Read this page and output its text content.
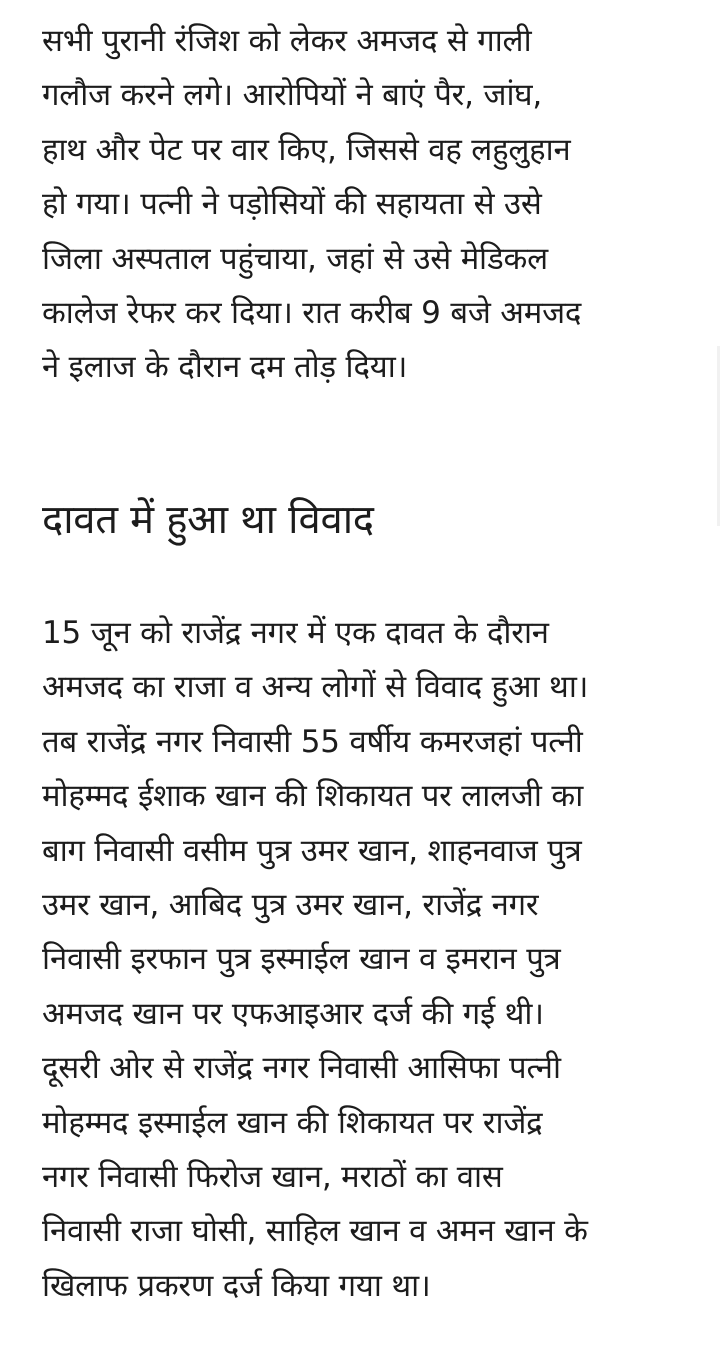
सभी पुरानी रंजिश को लेकर अमजद से गाली
गलौज करने लगे। आरोपियों ने बाएं पैर, जांघ,
हाथ और पेट पर वार किए, जिससे वह लहुलुहान
हो गया। पत्नी ने पड़ोसियों की सहायता से उसे
जिला अस्पताल पहुंचाया, जहां से उसे मेडिकल
कालेज रेफर कर दिया। रात करीब 9 बजे अमजद
ने इलाज के दौरान दम तोड़ दिया।

दावत में हुआ था विवाद

15 जून को राजेंद्र नगर में एक दावत के दौरान
अमजद का राजा व अन्य लोगों से विवाद हुआ था।
तब राजेंद्र नगर निवासी 55 वर्षीय कमरजहां पत्नी
मोहम्मद ईशाक खान की शिकायत पर लालजी का
बाग निवासी वसीम पुत्र उमर खान, शाहनवाज पुत्र
उमर खान, आबिद पुत्र उमर खान, राजेंद्र नगर
निवासी इरफान पुत्र इस्माईल खान व इमरान पुत्र
अमजद खान पर एफआइआर दर्ज की गई थी।
दूसरी ओर से राजेंद्र नगर निवासी आसिफा पत्नी
मोहम्मद इस्माईल खान की शिकायत पर राजेंद्र
नगर निवासी फिरोज खान, मराठों का वास
निवासी राजा घोसी, साहिल खान व अमन खान के
खिलाफ प्रकरण दर्ज किया गया था।
